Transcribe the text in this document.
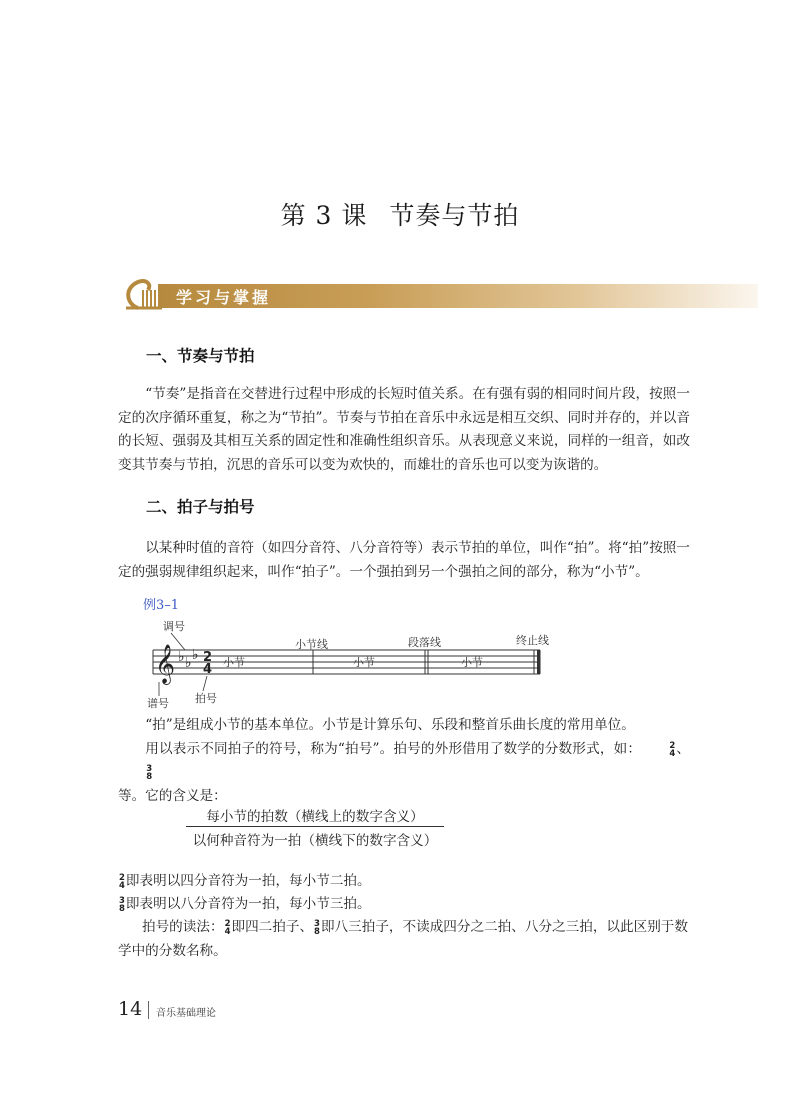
第 3 课 节奏与节拍
学习与掌握
一、节奏与节拍

“节奏”是指音在交替进行过程中形成的长短时值关系。在有强有弱的相同时间片段，按照一定的次序循环重复，称之为“节拍”。节奏与节拍在音乐中永远是相互交织、同时并存的，并以音的长短、强弱及其相互关系的固定性和准确性组织音乐。从表现意义来说，同样的一组音，如改变其节奏与节拍，沉思的音乐可以变为欢快的，而雄壮的音乐也可以变为诙谐的。

二、拍子与拍号

以某种时值的音符（如四分音符、八分音符等）表示节拍的单位，叫作“拍”。将“拍”按照一定的强弱规律组织起来，叫作“拍子”。一个强拍到另一个强拍之间的部分，称为“小节”。

例3–1
𝄞 ♭ ♭ ♭ 2
4 小节	小节	小节
调号
小节线	段落线	终止线
谱号 拍号

“拍”是组成小节的基本单位。小节是计算乐句、乐段和整首乐曲长度的常用单位。

用以表示不同拍子的符号，称为“拍号”。拍号的外形借用了数学的分数形式，如：	2
4 、
3
8

等。它的含义是：

每小节的拍数（横线上的数字含义）
以何种音符为一拍（横线下的数字含义）
2
4 即表明以四分音符为一拍，每小节二拍。
3
8 即表明以八分音符为一拍，每小节三拍。

拍号的读法： 2
4 即四二拍子、 3
8 即八三拍子，不读成四分之二拍、八分之三拍，以此区别于数

学中的分数名称。

14 音乐基础理论
